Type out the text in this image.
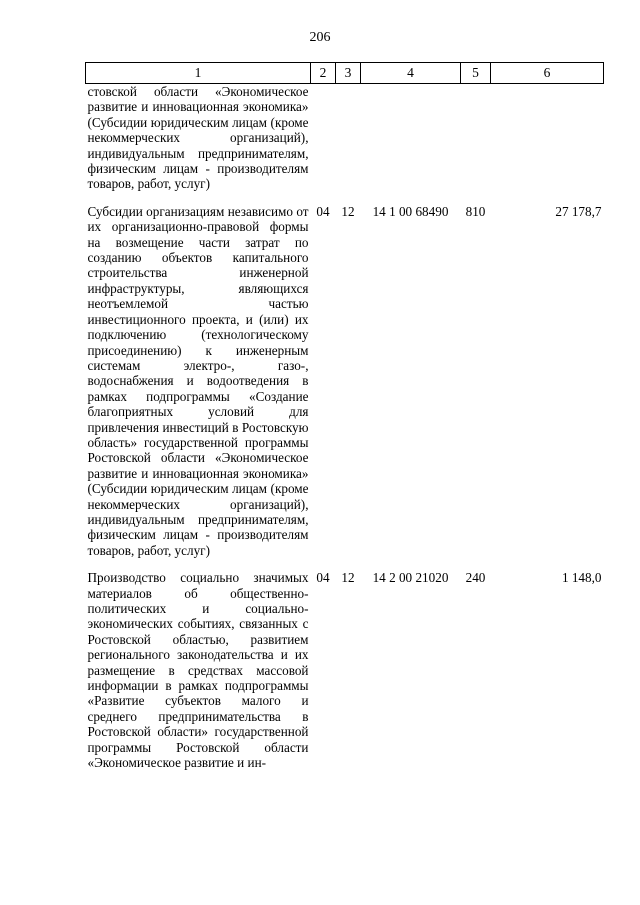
206
1	2	3	4	5	6
стовской области «Экономическое развитие и инновационная экономика» (Субсидии юридическим лицам (кроме некоммерческих организаций), индивидуальным предпринимателям, физическим лицам - производителям товаров, работ, услуг)					

Субсидии организациям независимо от их организационно-правовой формы на возмещение части затрат по созданию объектов капитального строительства инженерной инфраструктуры, являющихся неотъемлемой частью инвестиционного проекта, и (или) их подключению (технологическому присоединению) к инженерным системам электро-, газо-, водоснабжения и водоотведения в рамках подпрограммы «Создание благоприятных условий для привлечения инвестиций в Ростовскую область» государственной программы Ростовской области «Экономическое развитие и инновационная экономика» (Субсидии юридическим лицам (кроме некоммерческих организаций), индивидуальным предпринимателям, физическим лицам - производителям товаров, работ, услуг)	04	12	14 1 00 68490	810	27 178,7

Производство социально значимых материалов об общественно-политических и социально-экономических событиях, связанных с Ростовской областью, развитием регионального законодательства и их размещение в средствах массовой информации в рамках подпрограммы «Развитие субъектов малого и среднего предпринимательства в Ростовской области» государственной программы Ростовской области «Экономическое развитие и ин-	04	12	14 2 00 21020	240	1 148,0
